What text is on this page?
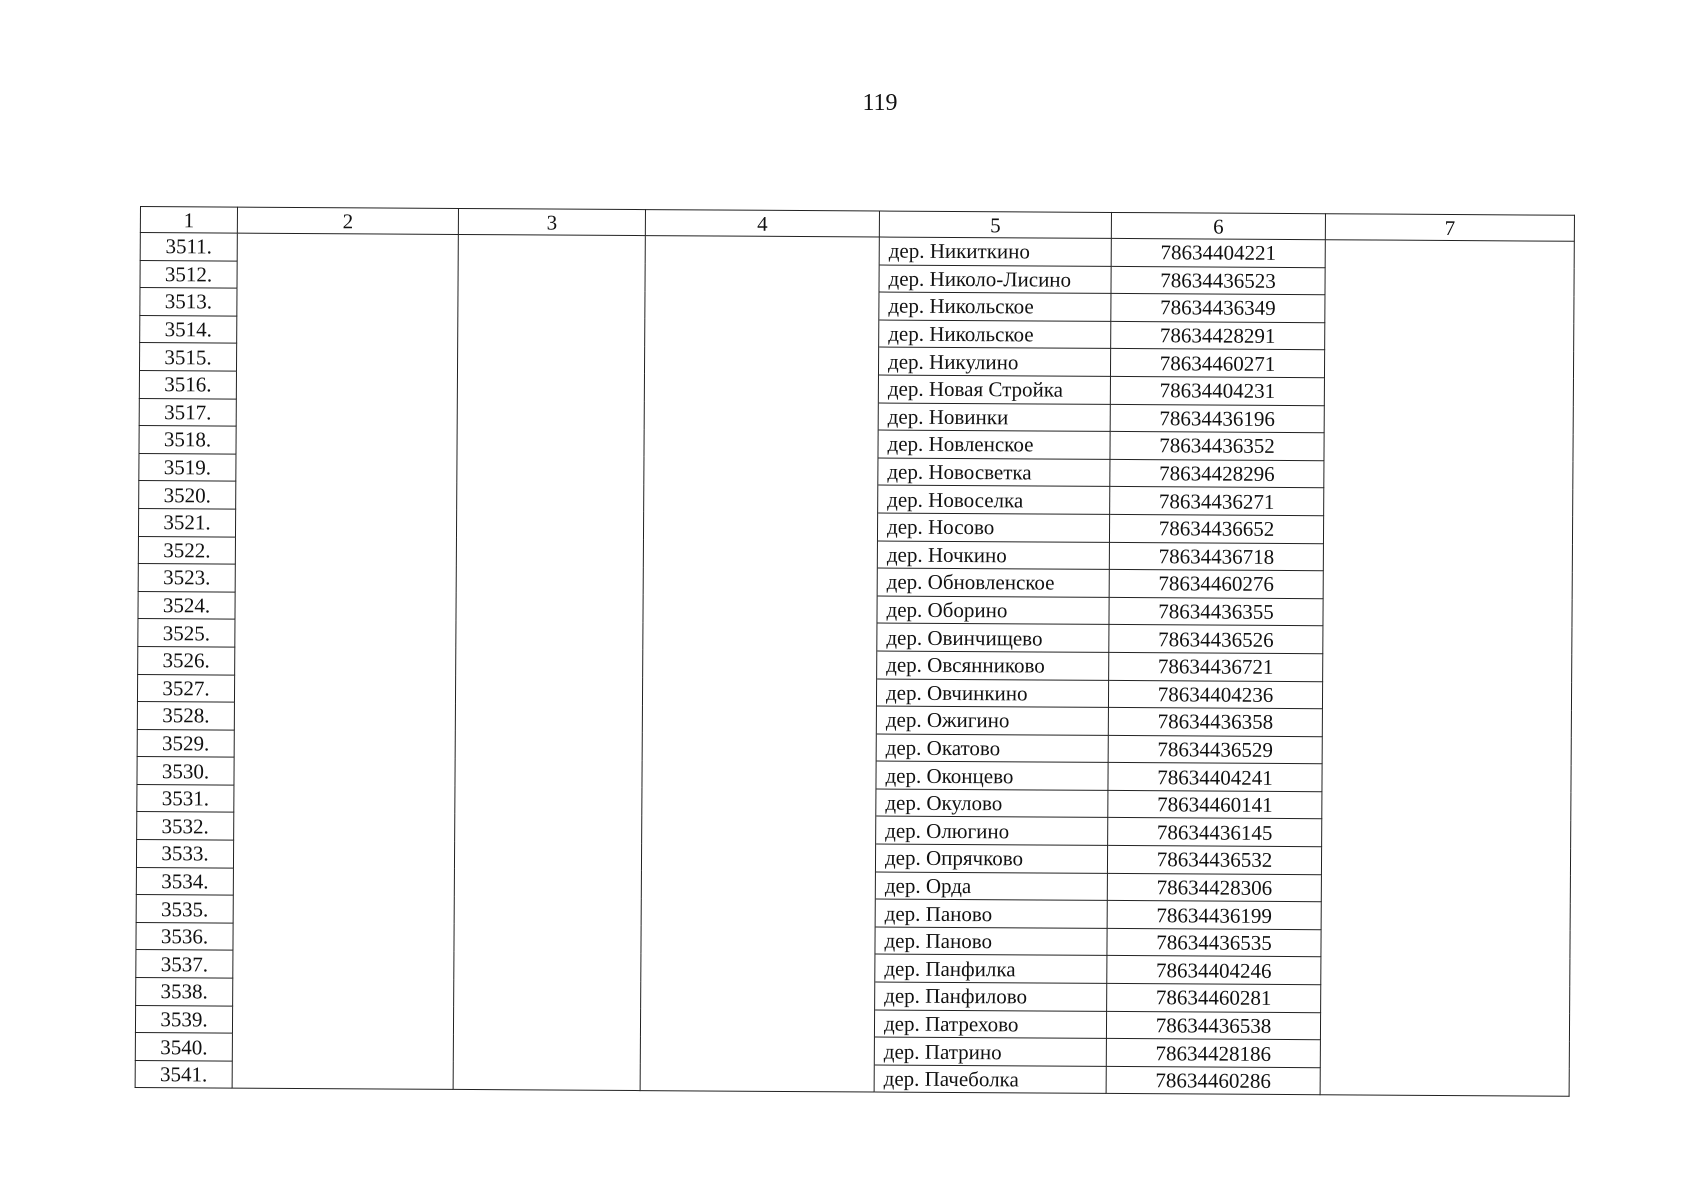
119
1	2	3	4	5	6	7
3511.				дер. Никиткино	78634404221	
3512.				дер. Николо-Лисино	78634436523	
3513.				дер. Никольское	78634436349	
3514.				дер. Никольское	78634428291	
3515.				дер. Никулино	78634460271	
3516.				дер. Новая Стройка	78634404231	
3517.				дер. Новинки	78634436196	
3518.				дер. Новленское	78634436352	
3519.				дер. Новосветка	78634428296	
3520.				дер. Новоселка	78634436271	
3521.				дер. Носово	78634436652	
3522.				дер. Ночкино	78634436718	
3523.				дер. Обновленское	78634460276	
3524.				дер. Оборино	78634436355	
3525.				дер. Овинчищево	78634436526	
3526.				дер. Овсянниково	78634436721	
3527.				дер. Овчинкино	78634404236	
3528.				дер. Ожигино	78634436358	
3529.				дер. Окатово	78634436529	
3530.				дер. Оконцево	78634404241	
3531.				дер. Окулово	78634460141	
3532.				дер. Олюгино	78634436145	
3533.				дер. Опрячково	78634436532	
3534.				дер. Орда	78634428306	
3535.				дер. Паново	78634436199	
3536.				дер. Паново	78634436535	
3537.				дер. Панфилка	78634404246	
3538.				дер. Панфилово	78634460281	
3539.				дер. Патрехово	78634436538	
3540.				дер. Патрино	78634428186	
3541.				дер. Пачеболка	78634460286	
